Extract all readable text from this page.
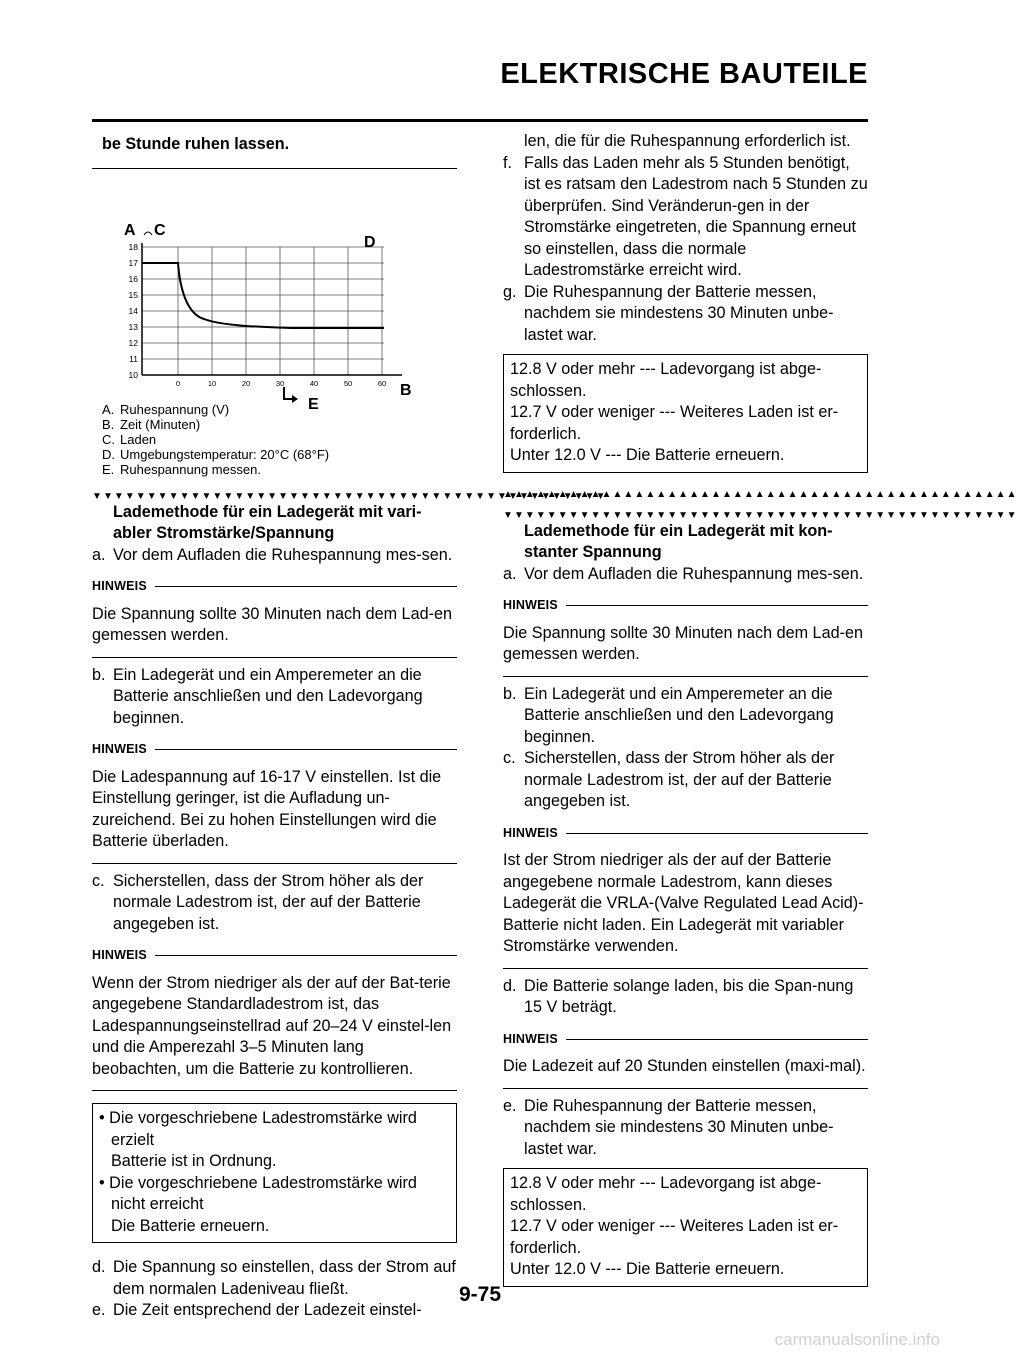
ELEKTRISCHE BAUTEILE
be Stunde ruhen lassen.
18
17
16
15
14
13
12
11
10
0	10	20	30	40	50	60
A C
D
B
E
A. Ruhespannung (V)
B. Zeit (Minuten)
C. Laden
D. Umgebungstemperatur: 20°C (68°F)
E. Ruhespannung messen.
▼▼▼▼▼▼▼▼▼▼▼▼▼▼▼▼▼▼▼▼▼▼▼▼▼▼▼▼▼▼▼▼▼▼▼▼▼▼▼▼▼▼▼▼▼▼▼
Lademethode für ein Ladegerät mit vari-
abler Stromstärke/Spannung
a. Vor dem Aufladen die Ruhespannung mes-sen.
HINWEIS
Die Spannung sollte 30 Minuten nach dem Lad-en gemessen werden.
b. Ein Ladegerät und ein Amperemeter an die Batterie anschließen und den Ladevorgang beginnen.
HINWEIS
Die Ladespannung auf 16-17 V einstellen. Ist die Einstellung geringer, ist die Aufladung un-zureichend. Bei zu hohen Einstellungen wird die Batterie überladen.
c. Sicherstellen, dass der Strom höher als der normale Ladestrom ist, der auf der Batterie angegeben ist.
HINWEIS
Wenn der Strom niedriger als der auf der Bat-terie angegebene Standardladestrom ist, das Ladespannungseinstellrad auf 20–24 V einstel-len und die Amperezahl 3–5 Minuten lang beobachten, um die Batterie zu kontrollieren.
• Die vorgeschriebene Ladestromstärke wird erzielt
Batterie ist in Ordnung.
• Die vorgeschriebene Ladestromstärke wird nicht erreicht
Die Batterie erneuern.
d. Die Spannung so einstellen, dass der Strom auf dem normalen Ladeniveau fließt.
e. Die Zeit entsprechend der Ladezeit einstel-
len, die für die Ruhespannung erforderlich ist.
f. Falls das Laden mehr als 5 Stunden benötigt, ist es ratsam den Ladestrom nach 5 Stunden zu überprüfen. Sind Veränderun-gen in der Stromstärke eingetreten, die Spannung erneut so einstellen, dass die normale Ladestromstärke erreicht wird.
g. Die Ruhespannung der Batterie messen, nachdem sie mindestens 30 Minuten unbe-lastet war.
12.8 V oder mehr --- Ladevorgang ist abge-schlossen.
12.7 V oder weniger --- Weiteres Laden ist er-forderlich.
Unter 12.0 V --- Die Batterie erneuern.
▲▲▲▲▲▲▲▲▲▲▲▲▲▲▲▲▲▲▲▲▲▲▲▲▲▲▲▲▲▲▲▲▲▲▲▲▲▲▲▲▲▲▲▲▲▲▲
▼▼▼▼▼▼▼▼▼▼▼▼▼▼▼▼▼▼▼▼▼▼▼▼▼▼▼▼▼▼▼▼▼▼▼▼▼▼▼▼▼▼▼▼▼▼▼
Lademethode für ein Ladegerät mit kon-
stanter Spannung
a. Vor dem Aufladen die Ruhespannung mes-sen.
HINWEIS
Die Spannung sollte 30 Minuten nach dem Lad-en gemessen werden.
b. Ein Ladegerät und ein Amperemeter an die Batterie anschließen und den Ladevorgang beginnen.
c. Sicherstellen, dass der Strom höher als der normale Ladestrom ist, der auf der Batterie angegeben ist.
HINWEIS
Ist der Strom niedriger als der auf der Batterie angegebene normale Ladestrom, kann dieses Ladegerät die VRLA-(Valve Regulated Lead Acid)-Batterie nicht laden. Ein Ladegerät mit variabler Stromstärke verwenden.
d. Die Batterie solange laden, bis die Span-nung 15 V beträgt.
HINWEIS
Die Ladezeit auf 20 Stunden einstellen (maxi-mal).
e. Die Ruhespannung der Batterie messen, nachdem sie mindestens 30 Minuten unbe-lastet war.
12.8 V oder mehr --- Ladevorgang ist abge-schlossen.
12.7 V oder weniger --- Weiteres Laden ist er-forderlich.
Unter 12.0 V --- Die Batterie erneuern.
9-75
carmanualsonline.info
